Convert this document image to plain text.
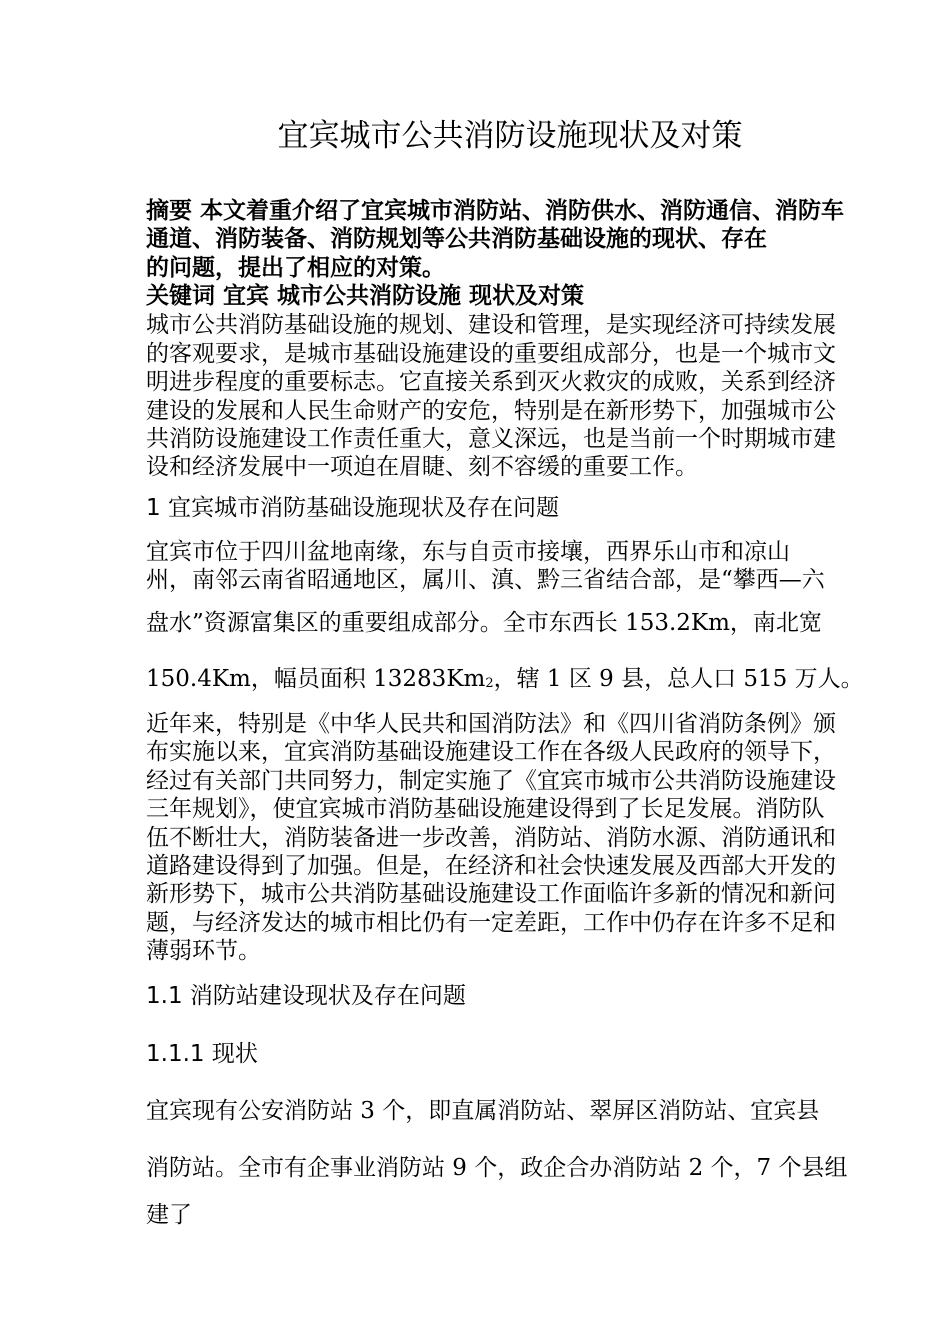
宜宾城市公共消防设施现状及对策
摘要 本文着重介绍了宜宾城市消防站、消防供水、消防通信、消防车
通道、消防装备、消防规划等公共消防基础设施的现状、存在
的问题，提出了相应的对策。
关键词 宜宾 城市公共消防设施 现状及对策
城市公共消防基础设施的规划、建设和管理，是实现经济可持续发展
的客观要求，是城市基础设施建设的重要组成部分，也是一个城市文
明进步程度的重要标志。它直接关系到灭火救灾的成败，关系到经济
建设的发展和人民生命财产的安危，特别是在新形势下，加强城市公
共消防设施建设工作责任重大，意义深远，也是当前一个时期城市建
设和经济发展中一项迫在眉睫、刻不容缓的重要工作。
1 宜宾城市消防基础设施现状及存在问题
宜宾市位于四川盆地南缘，东与自贡市接壤，西界乐山市和凉山
州，南邻云南省昭通地区，属川、滇、黔三省结合部，是“攀西—六
盘水”资源富集区的重要组成部分。全市东西长 153.2Km，南北宽
150.4Km，幅员面积 13283Km2，辖 1 区 9 县，总人口 515 万人。
近年来，特别是《中华人民共和国消防法》和《四川省消防条例》颁
布实施以来，宜宾消防基础设施建设工作在各级人民政府的领导下，
经过有关部门共同努力，制定实施了《宜宾市城市公共消防设施建设
三年规划》，使宜宾城市消防基础设施建设得到了长足发展。消防队
伍不断壮大，消防装备进一步改善，消防站、消防水源、消防通讯和
道路建设得到了加强。但是，在经济和社会快速发展及西部大开发的
新形势下，城市公共消防基础设施建设工作面临许多新的情况和新问
题，与经济发达的城市相比仍有一定差距，工作中仍存在许多不足和
薄弱环节。
1.1 消防站建设现状及存在问题
1.1.1 现状
宜宾现有公安消防站 3 个，即直属消防站、翠屏区消防站、宜宾县
消防站。全市有企事业消防站 9 个，政企合办消防站 2 个，7 个县组
建了
